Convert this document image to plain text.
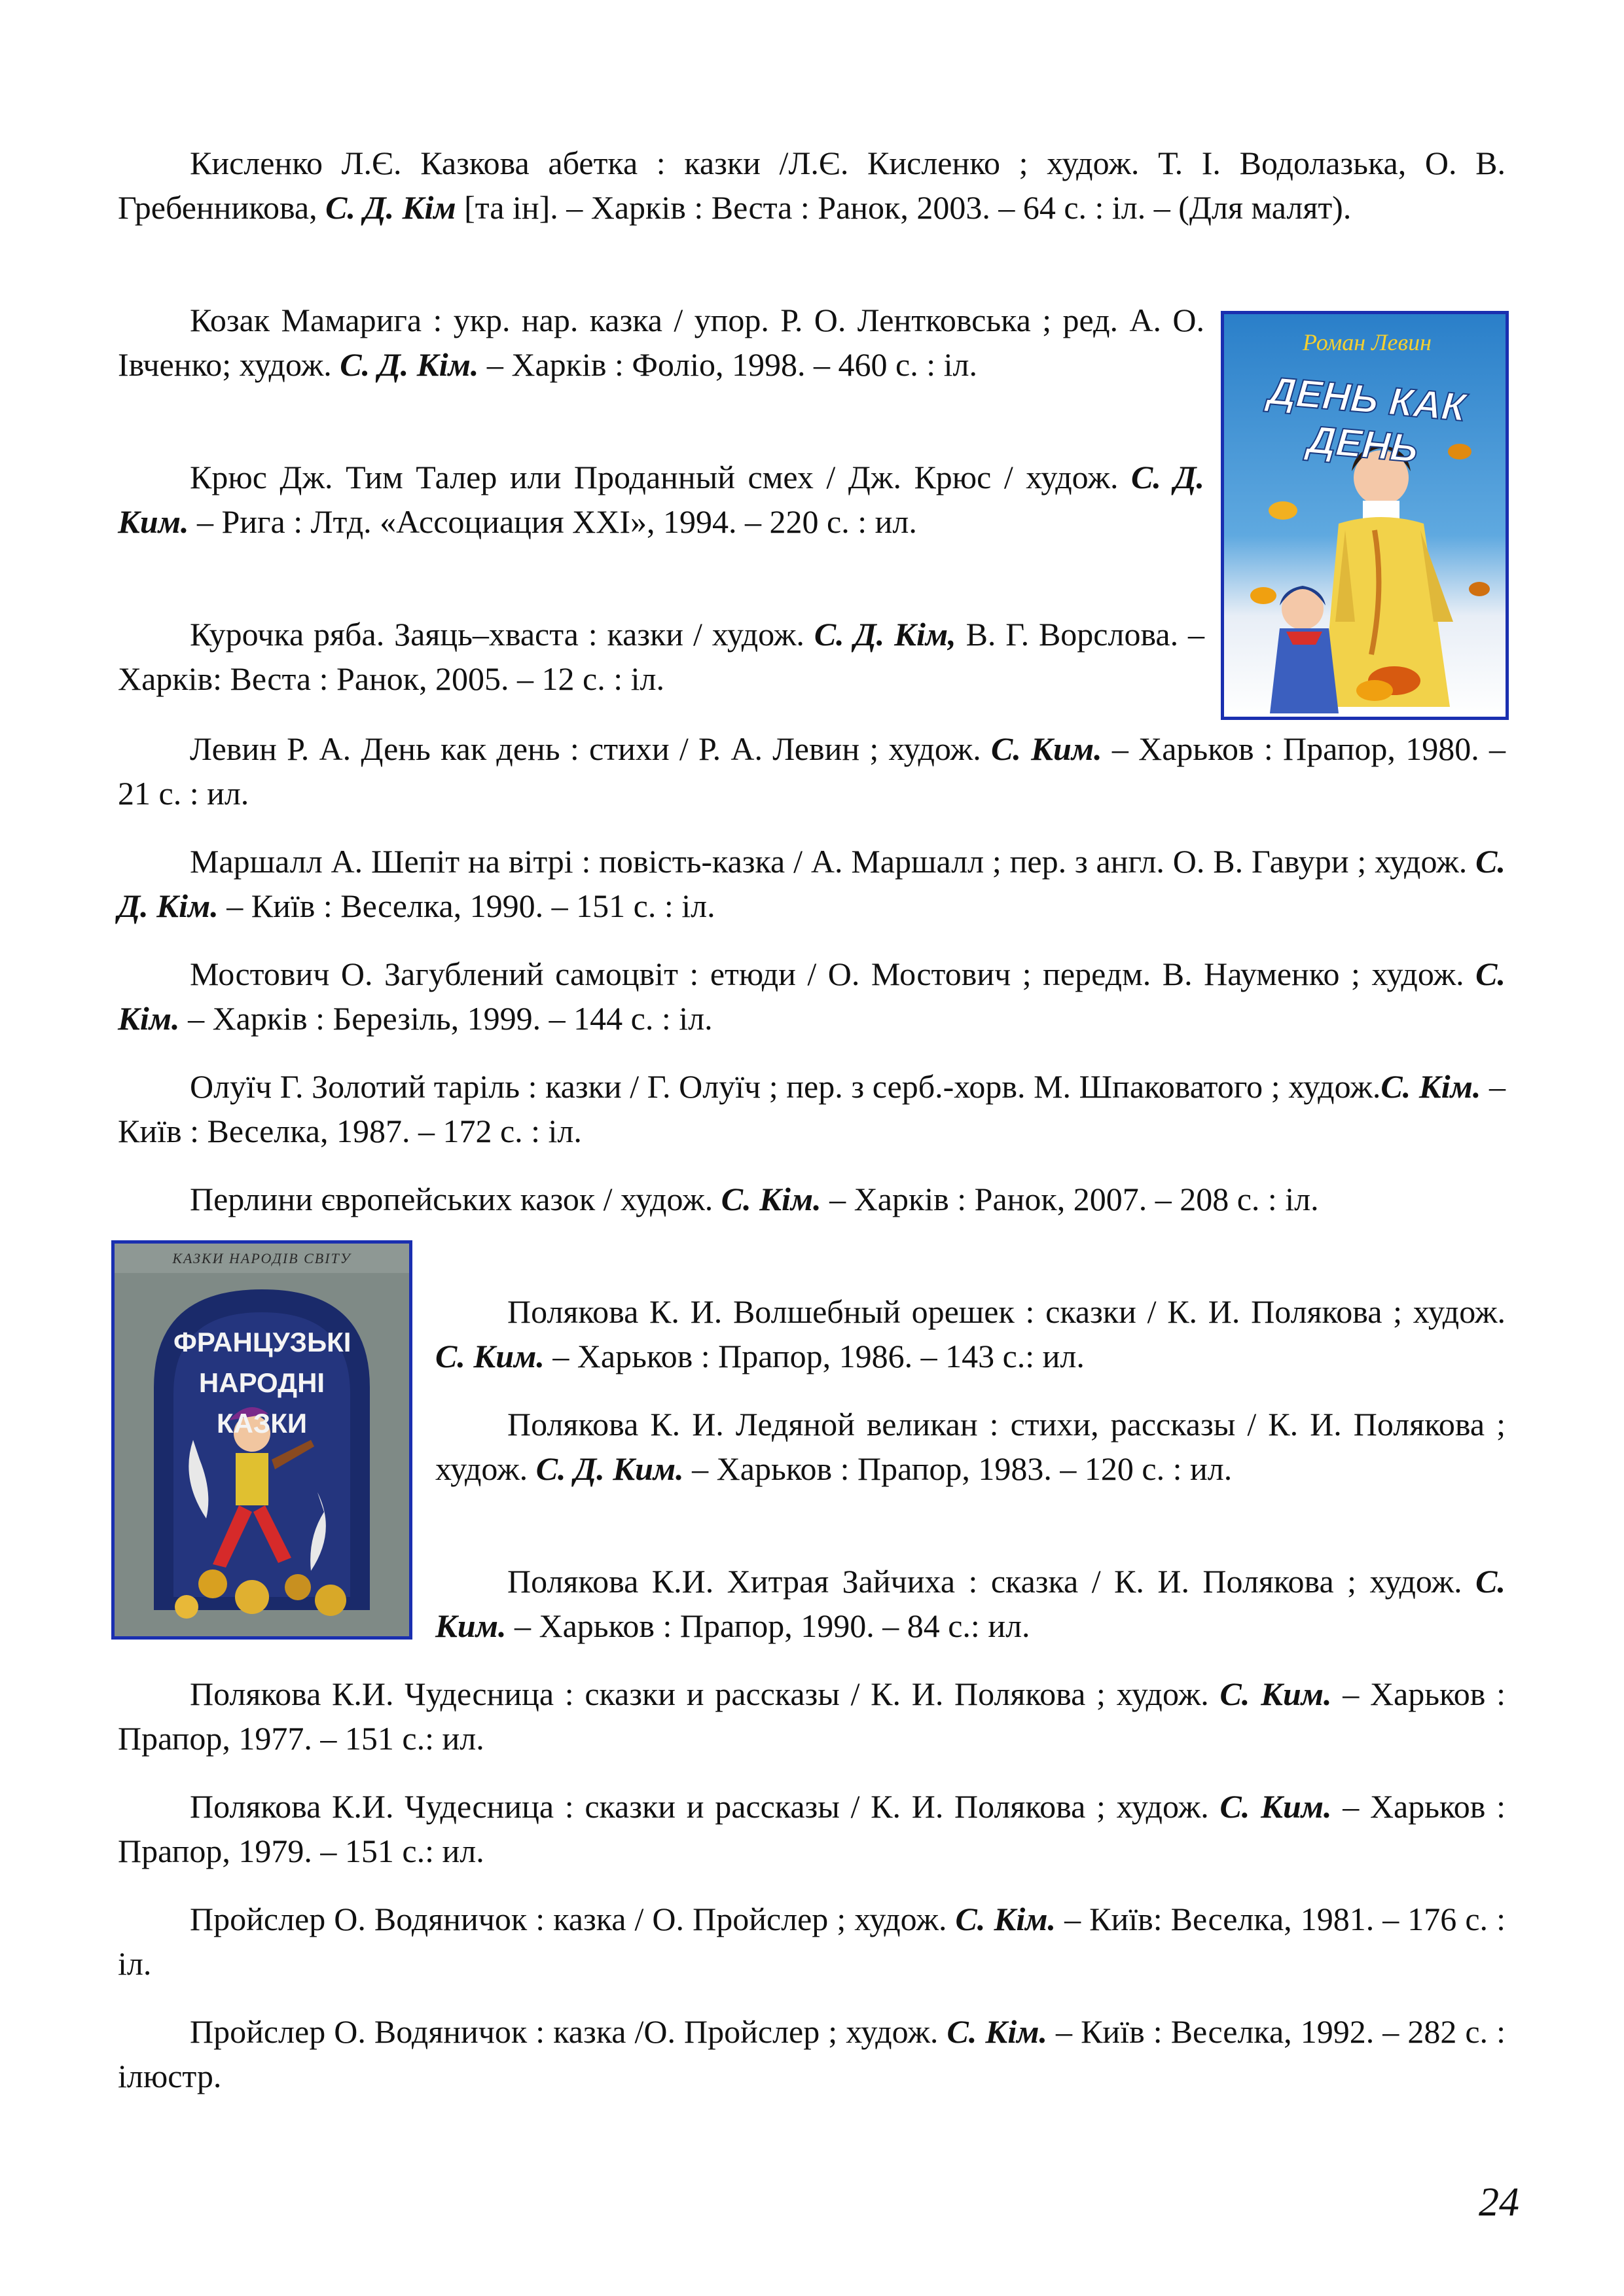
Кисленко Л.Є. Казкова абетка : казки /Л.Є. Кисленко ; худож. Т. І. Водолазька, О. В. Гребенникова, С. Д. Кім [та ін]. – Харків : Веста : Ранок, 2003. – 64 с. : іл. – (Для малят).

Козак Мамарига : укр. нар. казка / упор. Р. О. Лентковська ; ред. А. О. Івченко; худож. С. Д. Кім. – Харків : Фоліо, 1998. – 460 с. : іл.

Крюс Дж. Тим Талер или Проданный смех / Дж. Крюс / худож. С. Д. Ким. – Рига : Лтд. «Ассоциация XXI», 1994. – 220 с. : ил.

Курочка ряба. Заяць–хваста : казки / худож. С. Д. Кім, В. Г. Ворслова. – Харків: Веста : Ранок, 2005. – 12 с. : іл.

Левин Р. А. День как день : стихи / Р. А. Левин ; худож. С. Ким. – Харьков : Прапор, 1980. – 21 с. : ил.

Маршалл А. Шепіт на вітрі : повість-казка / А. Маршалл ; пер. з англ. О. В. Гавури ; худож. С. Д. Кім. – Київ : Веселка, 1990. – 151 с. : іл.

Мостович О. Загублений самоцвіт : етюди / О. Мостович ; передм. В. Науменко ; худож. С. Кім. – Харків : Березіль, 1999. – 144 с. : іл.

Олуїч Г. Золотий таріль : казки / Г. Олуїч ; пер. з серб.-хорв. М. Шпаковатого ; худож.С. Кім. – Київ : Веселка, 1987. – 172 с. : іл.

Перлини європейських казок / худож. С. Кім. – Харків : Ранок, 2007. – 208 с. : іл.

Полякова К. И. Волшебный орешек : сказки / К. И. Полякова ; худож. С. Ким. – Харьков : Прапор, 1986. – 143 с.: ил.

Полякова К. И. Ледяной великан : стихи, рассказы / К. И. Полякова ; худож. С. Д. Ким. – Харьков : Прапор, 1983. – 120 с. : ил.

Полякова К.И. Хитрая Зайчиха : сказка / К. И. Полякова ; худож. С. Ким. – Харьков : Прапор, 1990. – 84 с.: ил.

Полякова К.И. Чудесница : сказки и рассказы / К. И. Полякова ; худож. С. Ким. – Харьков : Прапор, 1977. – 151 с.: ил.

Полякова К.И. Чудесница : сказки и рассказы / К. И. Полякова ; худож. С. Ким. – Харьков : Прапор, 1979. – 151 с.: ил.

Пройслер О. Водяничок : казка / О. Пройслер ; худож. С. Кім. – Київ: Веселка, 1981. – 176 с. : іл.

Пройслер О. Водяничок : казка /О. Пройслер ; худож. С. Кім. – Київ : Веселка, 1992. – 282 с. : ілюстр.

Роман Левин
ДЕНЬ КАК ДЕНЬ
КАЗКИ НАРОДІВ СВІТУ
ФРАНЦУЗЬКІ НАРОДНІ КАЗКИ
24
